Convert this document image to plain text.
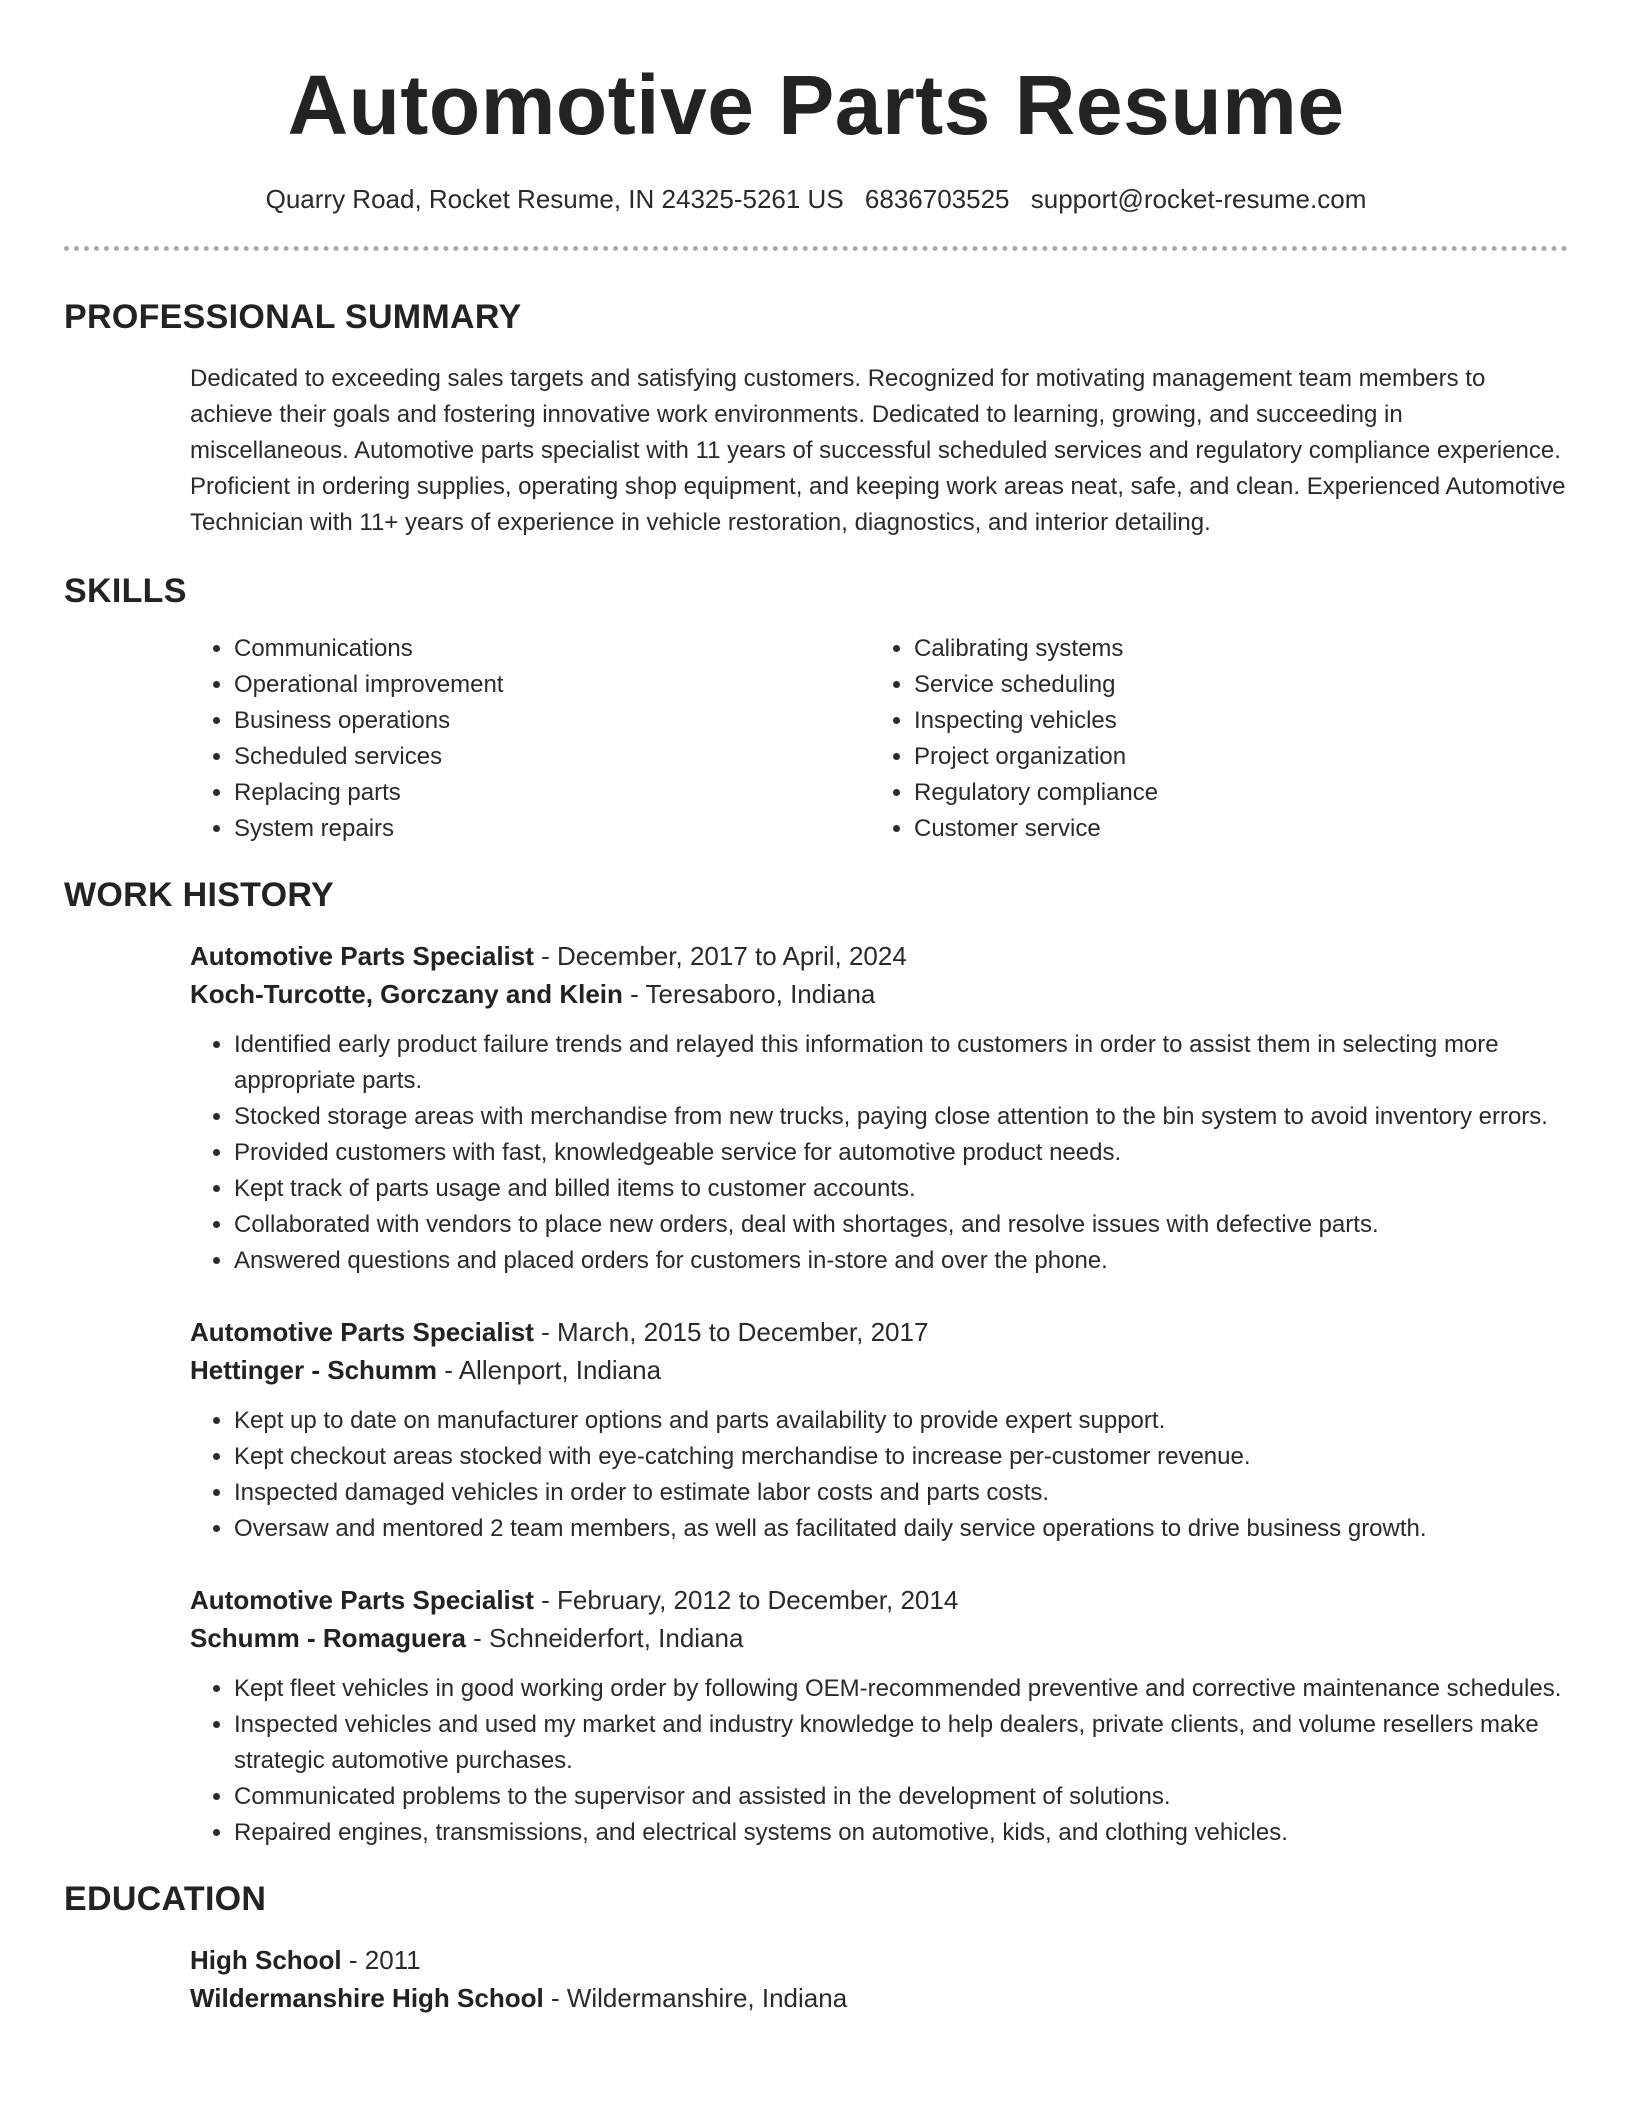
Automotive Parts Resume
Quarry Road, Rocket Resume, IN 24325-5261 US 6836703525 support@rocket-resume.com
PROFESSIONAL SUMMARY

Dedicated to exceeding sales targets and satisfying customers. Recognized for motivating management team members to achieve their goals and fostering innovative work environments. Dedicated to learning, growing, and succeeding in miscellaneous. Automotive parts specialist with 11 years of successful scheduled services and regulatory compliance experience. Proficient in ordering supplies, operating shop equipment, and keeping work areas neat, safe, and clean. Experienced Automotive Technician with 11+ years of experience in vehicle restoration, diagnostics, and interior detailing.

SKILLS
• Communications
• Operational improvement
• Business operations
• Scheduled services
• Replacing parts
• System repairs
• Calibrating systems
• Service scheduling
• Inspecting vehicles
• Project organization
• Regulatory compliance
• Customer service
WORK HISTORY
Automotive Parts Specialist - December, 2017 to April, 2024
Koch-Turcotte, Gorczany and Klein - Teresaboro, Indiana
• Identified early product failure trends and relayed this information to customers in order to assist them in selecting more appropriate parts.
• Stocked storage areas with merchandise from new trucks, paying close attention to the bin system to avoid inventory errors.
• Provided customers with fast, knowledgeable service for automotive product needs.
• Kept track of parts usage and billed items to customer accounts.
• Collaborated with vendors to place new orders, deal with shortages, and resolve issues with defective parts.
• Answered questions and placed orders for customers in-store and over the phone.
Automotive Parts Specialist - March, 2015 to December, 2017
Hettinger - Schumm - Allenport, Indiana
• Kept up to date on manufacturer options and parts availability to provide expert support.
• Kept checkout areas stocked with eye-catching merchandise to increase per-customer revenue.
• Inspected damaged vehicles in order to estimate labor costs and parts costs.
• Oversaw and mentored 2 team members, as well as facilitated daily service operations to drive business growth.
Automotive Parts Specialist - February, 2012 to December, 2014
Schumm - Romaguera - Schneiderfort, Indiana
• Kept fleet vehicles in good working order by following OEM-recommended preventive and corrective maintenance schedules.
• Inspected vehicles and used my market and industry knowledge to help dealers, private clients, and volume resellers make strategic automotive purchases.
• Communicated problems to the supervisor and assisted in the development of solutions.
• Repaired engines, transmissions, and electrical systems on automotive, kids, and clothing vehicles.
EDUCATION
High School - 2011
Wildermanshire High School - Wildermanshire, Indiana
